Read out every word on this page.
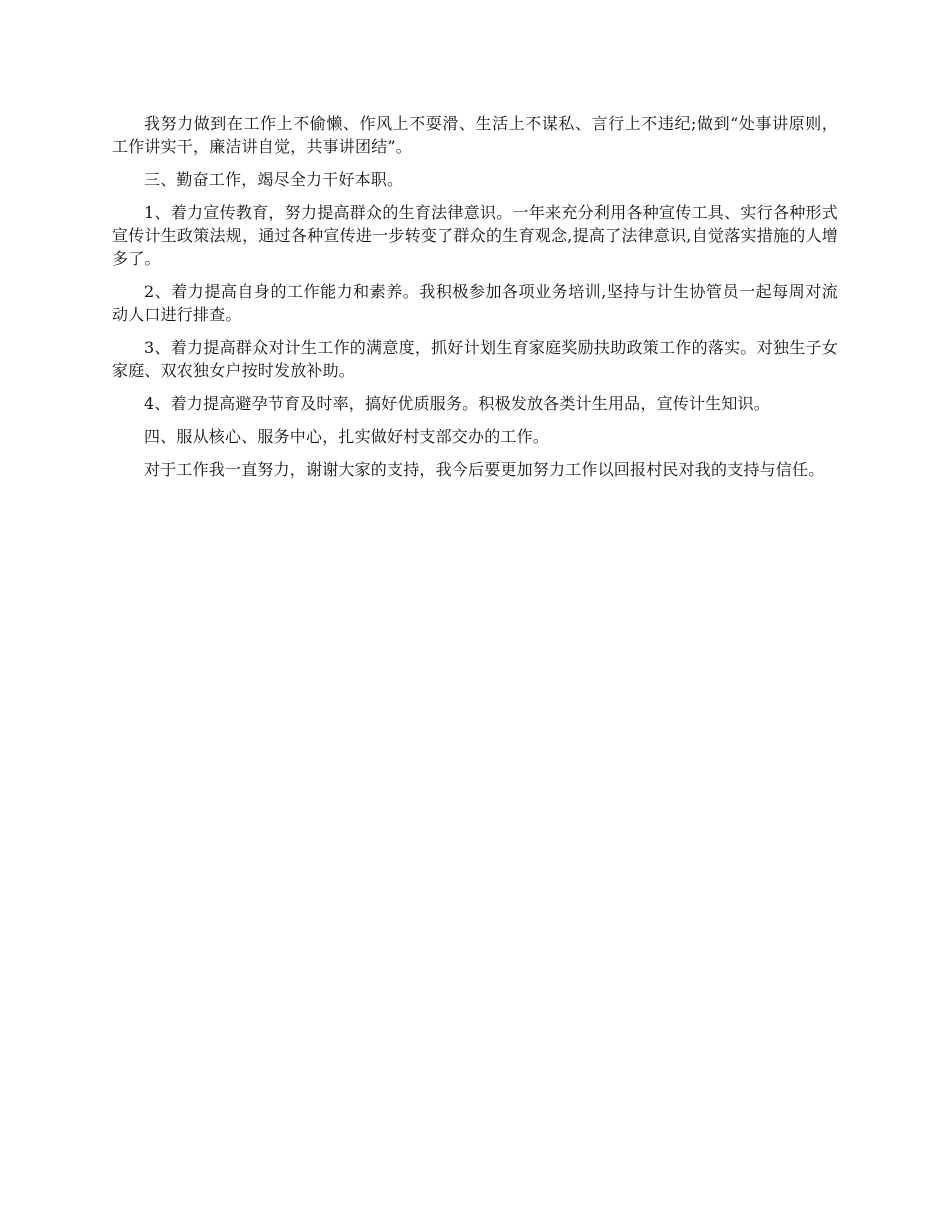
我努力做到在工作上不偷懒、作风上不耍滑、生活上不谋私、言行上不违纪;做到“处事讲原则，工作讲实干，廉洁讲自觉，共事讲团结”。

三、勤奋工作，竭尽全力干好本职。

1、着力宣传教育，努力提高群众的生育法律意识。一年来充分利用各种宣传工具、实行各种形式宣传计生政策法规，通过各种宣传进一步转变了群众的生育观念,提高了法律意识,自觉落实措施的人增多了。

2、着力提高自身的工作能力和素养。我积极参加各项业务培训,坚持与计生协管员一起每周对流动人口进行排查。

3、着力提高群众对计生工作的满意度，抓好计划生育家庭奖励扶助政策工作的落实。对独生子女家庭、双农独女户按时发放补助。

4、着力提高避孕节育及时率，搞好优质服务。积极发放各类计生用品，宣传计生知识。

四、服从核心、服务中心，扎实做好村支部交办的工作。

对于工作我一直努力，谢谢大家的支持，我今后要更加努力工作以回报村民对我的支持与信任。
